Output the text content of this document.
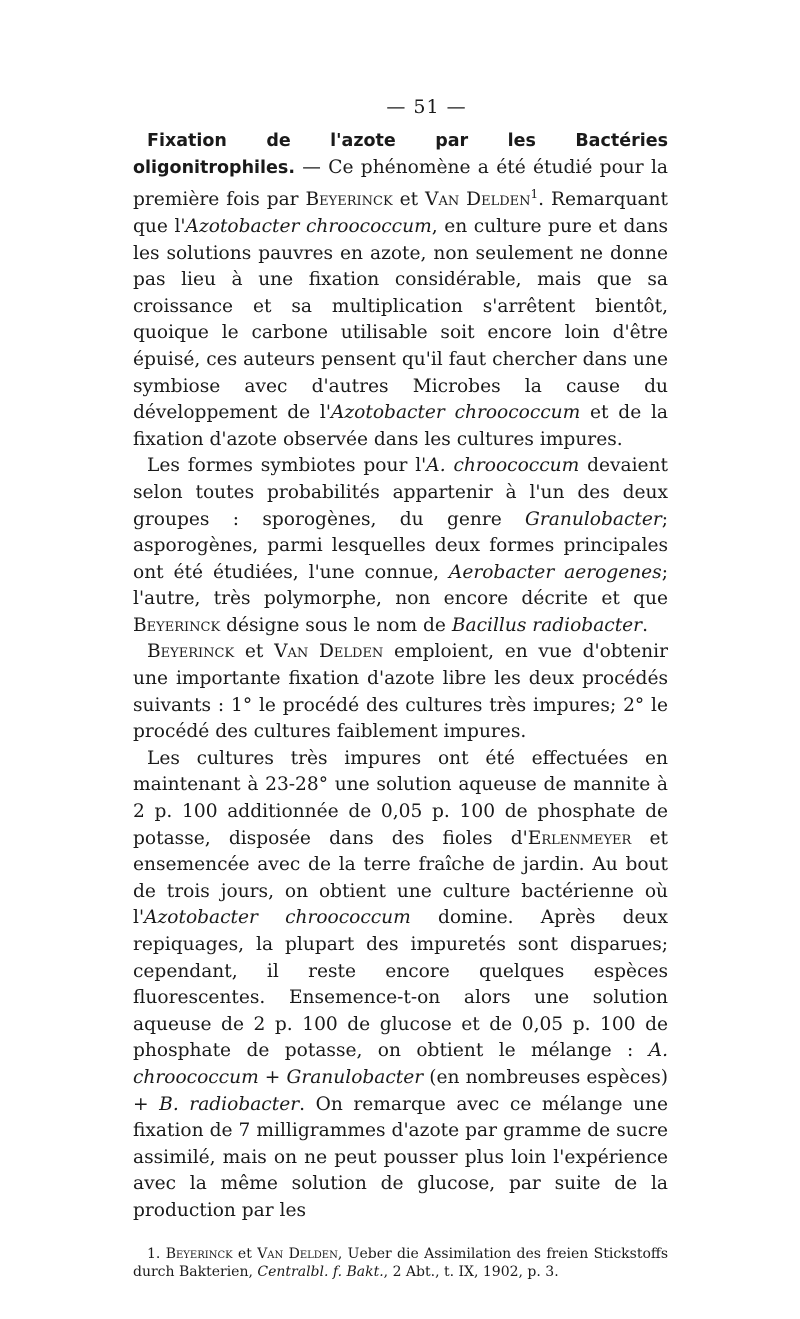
— 51 —

Fixation de l'azote par les Bactéries oligonitrophiles. — Ce phénomène a été étudié pour la première fois par Beyerinck et Van Delden$^1$. Remarquant que l'Azotobacter chroococcum, en culture pure et dans les solutions pauvres en azote, non seulement ne donne pas lieu à une fixation considérable, mais que sa croissance et sa multiplication s'arrêtent bientôt, quoique le carbone utilisable soit encore loin d'être épuisé, ces auteurs pensent qu'il faut chercher dans une symbiose avec d'autres Microbes la cause du développement de l'Azotobacter chroococcum et de la fixation d'azote observée dans les cultures impures.

Les formes symbiotes pour l'A. chroococcum devaient selon toutes probabilités appartenir à l'un des deux groupes : sporogènes, du genre Granulobacter; asporogènes, parmi lesquelles deux formes principales ont été étudiées, l'une connue, Aerobacter aerogenes; l'autre, très polymorphe, non encore décrite et que Beyerinck désigne sous le nom de Bacillus radiobacter.

Beyerinck et Van Delden emploient, en vue d'obtenir une importante fixation d'azote libre les deux procédés suivants : 1° le procédé des cultures très impures; 2° le procédé des cultures faiblement impures.

Les cultures très impures ont été effectuées en maintenant à 23-28° une solution aqueuse de mannite à 2 p. 100 additionnée de 0,05 p. 100 de phosphate de potasse, disposée dans des fioles d'Erlenmeyer et ensemencée avec de la terre fraîche de jardin. Au bout de trois jours, on obtient une culture bactérienne où l'Azotobacter chroococcum domine. Après deux repiquages, la plupart des impuretés sont disparues; cependant, il reste encore quelques espèces fluorescentes. Ensemence-t-on alors une solution aqueuse de 2 p. 100 de glucose et de 0,05 p. 100 de phosphate de potasse, on obtient le mélange : A. chroococcum + Granulobacter (en nombreuses espèces) + B. radiobacter. On remarque avec ce mélange une fixation de 7 milligrammes d'azote par gramme de sucre assimilé, mais on ne peut pousser plus loin l'expérience avec la même solution de glucose, par suite de la production par les

1. Beyerinck et Van Delden, Ueber die Assimilation des freien Stickstoffs durch Bakterien, Centralbl. f. Bakt., 2 Abt., t. IX, 1902, p. 3.
